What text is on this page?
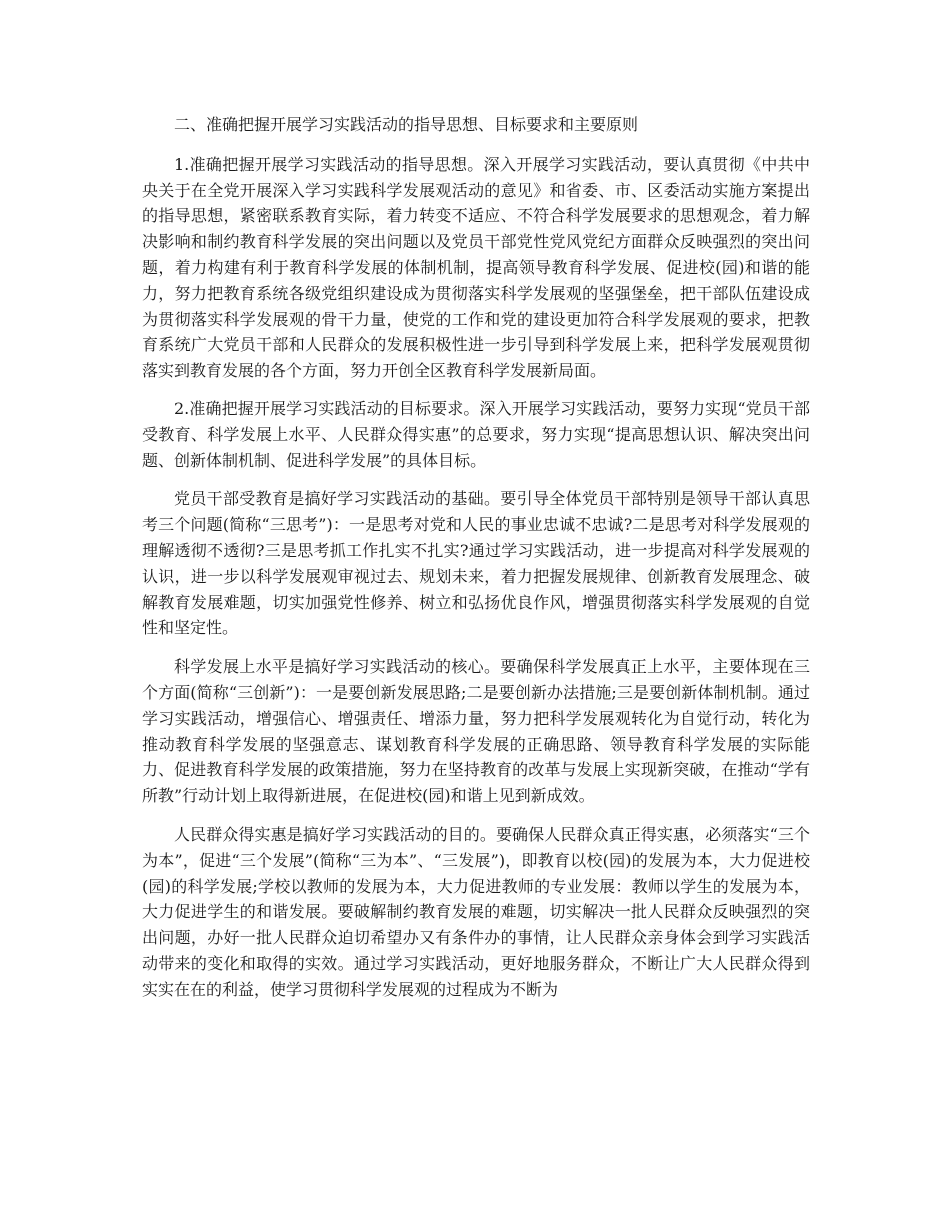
二、准确把握开展学习实践活动的指导思想、目标要求和主要原则

1.准确把握开展学习实践活动的指导思想。深入开展学习实践活动，要认真贯彻《中共中央关于在全党开展深入学习实践科学发展观活动的意见》和省委、市、区委活动实施方案提出的指导思想，紧密联系教育实际，着力转变不适应、不符合科学发展要求的思想观念，着力解决影响和制约教育科学发展的突出问题以及党员干部党性党风党纪方面群众反映强烈的突出问题，着力构建有利于教育科学发展的体制机制，提高领导教育科学发展、促进校(园)和谐的能力，努力把教育系统各级党组织建设成为贯彻落实科学发展观的坚强堡垒，把干部队伍建设成为贯彻落实科学发展观的骨干力量，使党的工作和党的建设更加符合科学发展观的要求，把教育系统广大党员干部和人民群众的发展积极性进一步引导到科学发展上来，把科学发展观贯彻落实到教育发展的各个方面，努力开创全区教育科学发展新局面。

2.准确把握开展学习实践活动的目标要求。深入开展学习实践活动，要努力实现“党员干部受教育、科学发展上水平、人民群众得实惠”的总要求，努力实现“提高思想认识、解决突出问题、创新体制机制、促进科学发展”的具体目标。

党员干部受教育是搞好学习实践活动的基础。要引导全体党员干部特别是领导干部认真思考三个问题(简称“三思考”)：一是思考对党和人民的事业忠诚不忠诚?二是思考对科学发展观的理解透彻不透彻?三是思考抓工作扎实不扎实?通过学习实践活动，进一步提高对科学发展观的认识，进一步以科学发展观审视过去、规划未来，着力把握发展规律、创新教育发展理念、破解教育发展难题，切实加强党性修养、树立和弘扬优良作风，增强贯彻落实科学发展观的自觉性和坚定性。

科学发展上水平是搞好学习实践活动的核心。要确保科学发展真正上水平，主要体现在三个方面(简称“三创新”)：一是要创新发展思路;二是要创新办法措施;三是要创新体制机制。通过学习实践活动，增强信心、增强责任、增添力量，努力把科学发展观转化为自觉行动，转化为推动教育科学发展的坚强意志、谋划教育科学发展的正确思路、领导教育科学发展的实际能力、促进教育科学发展的政策措施，努力在坚持教育的改革与发展上实现新突破，在推动“学有所教”行动计划上取得新进展，在促进校(园)和谐上见到新成效。

人民群众得实惠是搞好学习实践活动的目的。要确保人民群众真正得实惠，必须落实“三个为本”，促进“三个发展”(简称“三为本”、“三发展”)，即教育以校(园)的发展为本，大力促进校(园)的科学发展;学校以教师的发展为本，大力促进教师的专业发展：教师以学生的发展为本，大力促进学生的和谐发展。要破解制约教育发展的难题，切实解决一批人民群众反映强烈的突出问题，办好一批人民群众迫切希望办又有条件办的事情，让人民群众亲身体会到学习实践活动带来的变化和取得的实效。通过学习实践活动，更好地服务群众，不断让广大人民群众得到实实在在的利益，使学习贯彻科学发展观的过程成为不断为
